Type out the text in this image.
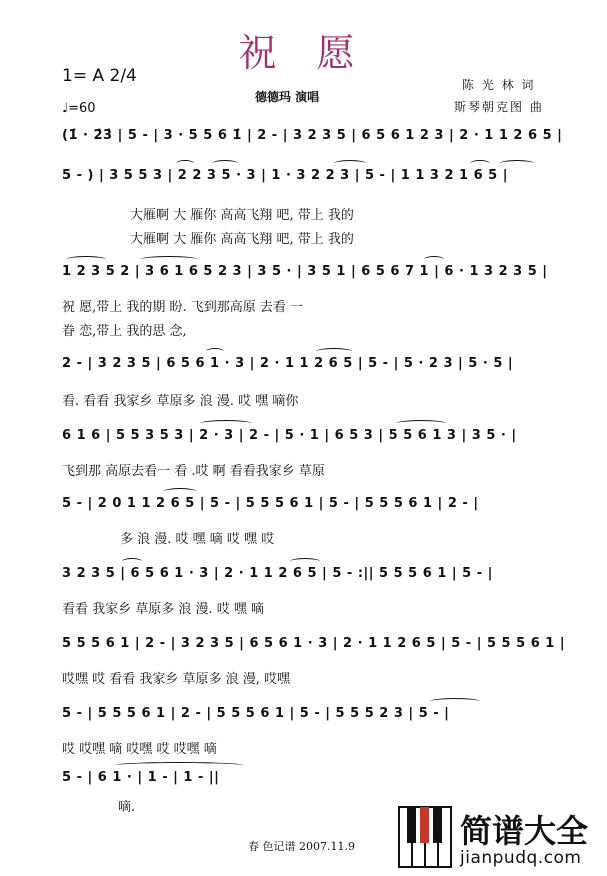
祝 愿
1= A 2/4
♩=60
德德玛 演唱
陈 光 林 词
斯琴朝克图 曲
(1̇ · 2̇3̇ | 5 - | 3 · 5 5 6 1̇ | 2 - | 3 2 3 5 | 6 5 6 1 2 3 | 2 · 1 1 2 6 5 |
5 - ) | 3 5 5 3 | 2 2 3 5 · 3 | 1 · 3 2 2 3 | 5 - | 1 1 3 2 1 6 5 |
大雁啊 大 雁你 高高飞翔 吧, 带上 我的
大雁啊 大 雁你 高高飞翔 吧, 带上 我的
1 2 3 5 2 | 3 6 1 6 5 2 3 | 3 5 · | 3 5 1 | 6 5 6 7 1 | 6 · 1 3 2 3 5 |
祝 愿,带上 我的期 盼. 飞到那高原 去看 一
眷 恋,带上 我的思 念,
2 - | 3 2 3 5 | 6 5 6 1 · 3 | 2 · 1 1 2 6 5 | 5 - | 5 · 2 3 | 5 · 5 |
看. 看看 我家乡 草原多 浪 漫. 哎 嘿 嘀你
6 1 6 | 5 5 3 5 3 | 2 · 3 | 2 - | 5 · 1 | 6 5 3 | 5 5 6 1 3 | 3 5 · |
飞到那 高原去看一 看 .哎 啊 看看我家乡 草原
5 - | 2 0 1 1 2 6 5 | 5 - | 5 5 5 6 1 | 5 - | 5 5 5 6 1 | 2 - |
多 浪 漫. 哎 嘿 嘀 哎 嘿 哎
3 2 3 5 | 6 5 6 1 · 3 | 2 · 1 1 2 6 5 | 5 - :|| 5 5 5 6 1 | 5 - |
看看 我家乡 草原多 浪 漫. 哎 嘿 嘀
5 5 5 6 1 | 2 - | 3 2 3 5 | 6 5 6 1 · 3 | 2 · 1 1 2 6 5 | 5 - | 5 5 5 6 1 |
哎嘿 哎 看看 我家乡 草原多 浪 漫, 哎嘿
5 - | 5 5 5 6 1 | 2 - | 5 5 5 6 1 | 5 - | 5 5 5 2 3 | 5 - |
哎 哎嘿 嘀 哎嘿 哎 哎嘿 嘀
5 - | 6 1 · | 1 - | 1 - ||
嘀.
春 色记谱 2007.11.9	简谱大全
jianpudq.com
